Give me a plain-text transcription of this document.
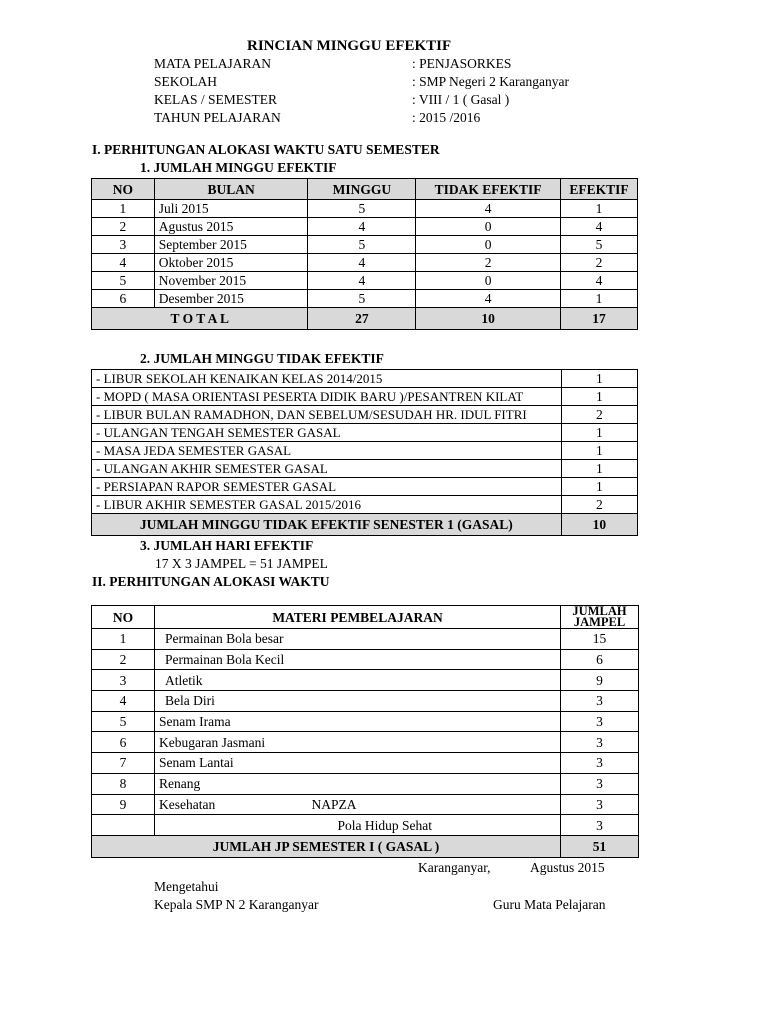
RINCIAN MINGGU EFEKTIF
MATA PELAJARAN	: PENJASORKES
SEKOLAH	: SMP Negeri 2 Karanganyar
KELAS / SEMESTER	: VIII / 1 ( Gasal )
TAHUN PELAJARAN	: 2015 /2016
I. PERHITUNGAN ALOKASI WAKTU SATU SEMESTER
1. JUMLAH MINGGU EFEKTIF
NO	BULAN	MINGGU	TIDAK EFEKTIF	EFEKTIF
1	Juli 2015	5	4	1
2	Agustus 2015	4	0	4
3	September 2015	5	0	5
4	Oktober 2015	4	2	2
5	November 2015	4	0	4
6	Desember 2015	5	4	1
T O T A L		27	10	17
2. JUMLAH MINGGU TIDAK EFEKTIF
- LIBUR SEKOLAH KENAIKAN KELAS 2014/2015	1
- MOPD ( MASA ORIENTASI PESERTA DIDIK BARU )/PESANTREN KILAT	1
- LIBUR BULAN RAMADHON, DAN SEBELUM/SESUDAH HR. IDUL FITRI	2
- ULANGAN TENGAH SEMESTER GASAL	1
- MASA JEDA SEMESTER GASAL	1
- ULANGAN AKHIR SEMESTER GASAL	1
- PERSIAPAN RAPOR SEMESTER GASAL	1
- LIBUR AKHIR SEMESTER GASAL 2015/2016	2
JUMLAH MINGGU TIDAK EFEKTIF SENESTER 1 (GASAL)	10
3. JUMLAH HARI EFEKTIF
17 X 3 JAMPEL = 51 JAMPEL
II. PERHITUNGAN ALOKASI WAKTU
NO	MATERI PEMBELAJARAN		JUMLAH JAMPEL
1	Permainan Bola besar		15
2	Permainan Bola Kecil		6
3	Atletik		9
4	Bela Diri		3
5	Senam Irama		3
6	Kebugaran Jasmani		3
7	Senam Lantai		3
8	Renang		3
9	Kesehatan	NAPZA	3
		Pola Hidup Sehat	3
JUMLAH JP SEMESTER I ( GASAL )			51
Karanganyar,	Agustus 2015
Mengetahui
Kepala SMP N 2 Karanganyar	Guru Mata Pelajaran
